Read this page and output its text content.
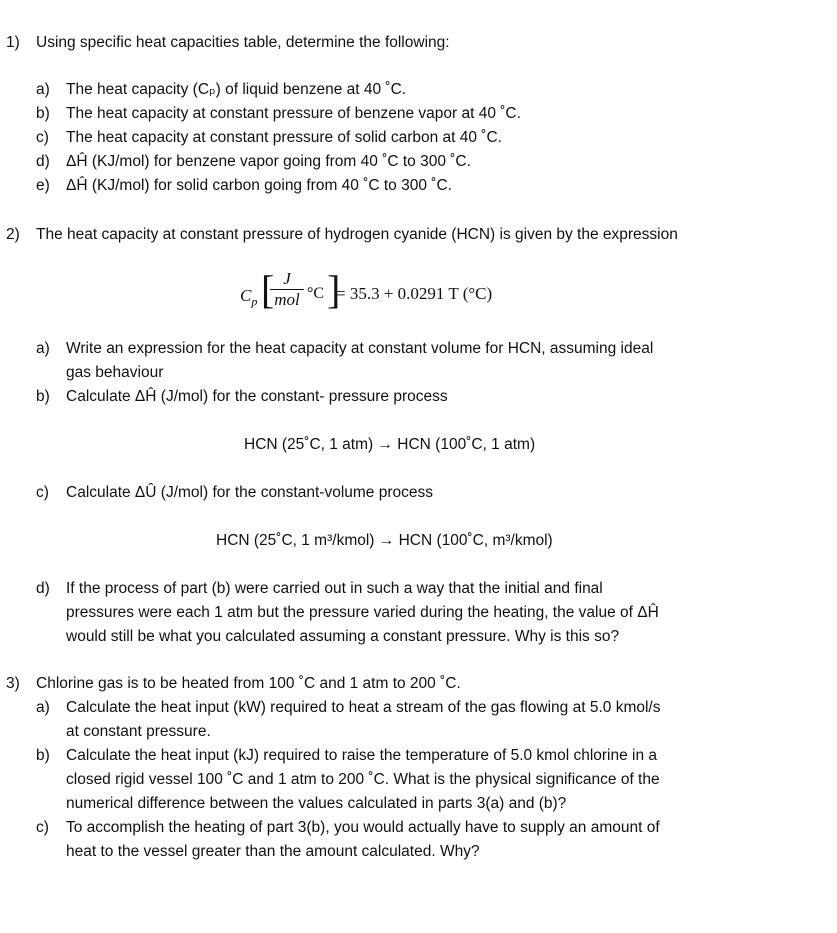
1) Using specific heat capacities table, determine the following:
a) The heat capacity (Cₚ) of liquid benzene at 40 ˚C.
b) The heat capacity at constant pressure of benzene vapor at 40 ˚C.
c) The heat capacity at constant pressure of solid carbon at 40 ˚C.
d) ΔĤ (KJ/mol) for benzene vapor going from 40 ˚C to 300 ˚C.
e) ΔĤ (KJ/mol) for solid carbon going from 40 ˚C to 300 ˚C.
2) The heat capacity at constant pressure of hydrogen cyanide (HCN) is given by the expression
$C_p$ [ J
mol °C ]
= 35.3 + 0.0291 T (°C)
a) Write an expression for the heat capacity at constant volume for HCN, assuming ideal
gas behaviour
b) Calculate ΔĤ (J/mol) for the constant- pressure process
HCN (25˚C, 1 atm) → HCN (100˚C, 1 atm)
c) Calculate ΔÛ (J/mol) for the constant-volume process
HCN (25˚C, 1 m³/kmol) → HCN (100˚C, m³/kmol)
d) If the process of part (b) were carried out in such a way that the initial and final
pressures were each 1 atm but the pressure varied during the heating, the value of ΔĤ
would still be what you calculated assuming a constant pressure. Why is this so?
3) Chlorine gas is to be heated from 100 ˚C and 1 atm to 200 ˚C.
a) Calculate the heat input (kW) required to heat a stream of the gas flowing at 5.0 kmol/s
at constant pressure.
b) Calculate the heat input (kJ) required to raise the temperature of 5.0 kmol chlorine in a
closed rigid vessel 100 ˚C and 1 atm to 200 ˚C. What is the physical significance of the
numerical difference between the values calculated in parts 3(a) and (b)?
c) To accomplish the heating of part 3(b), you would actually have to supply an amount of
heat to the vessel greater than the amount calculated. Why?
